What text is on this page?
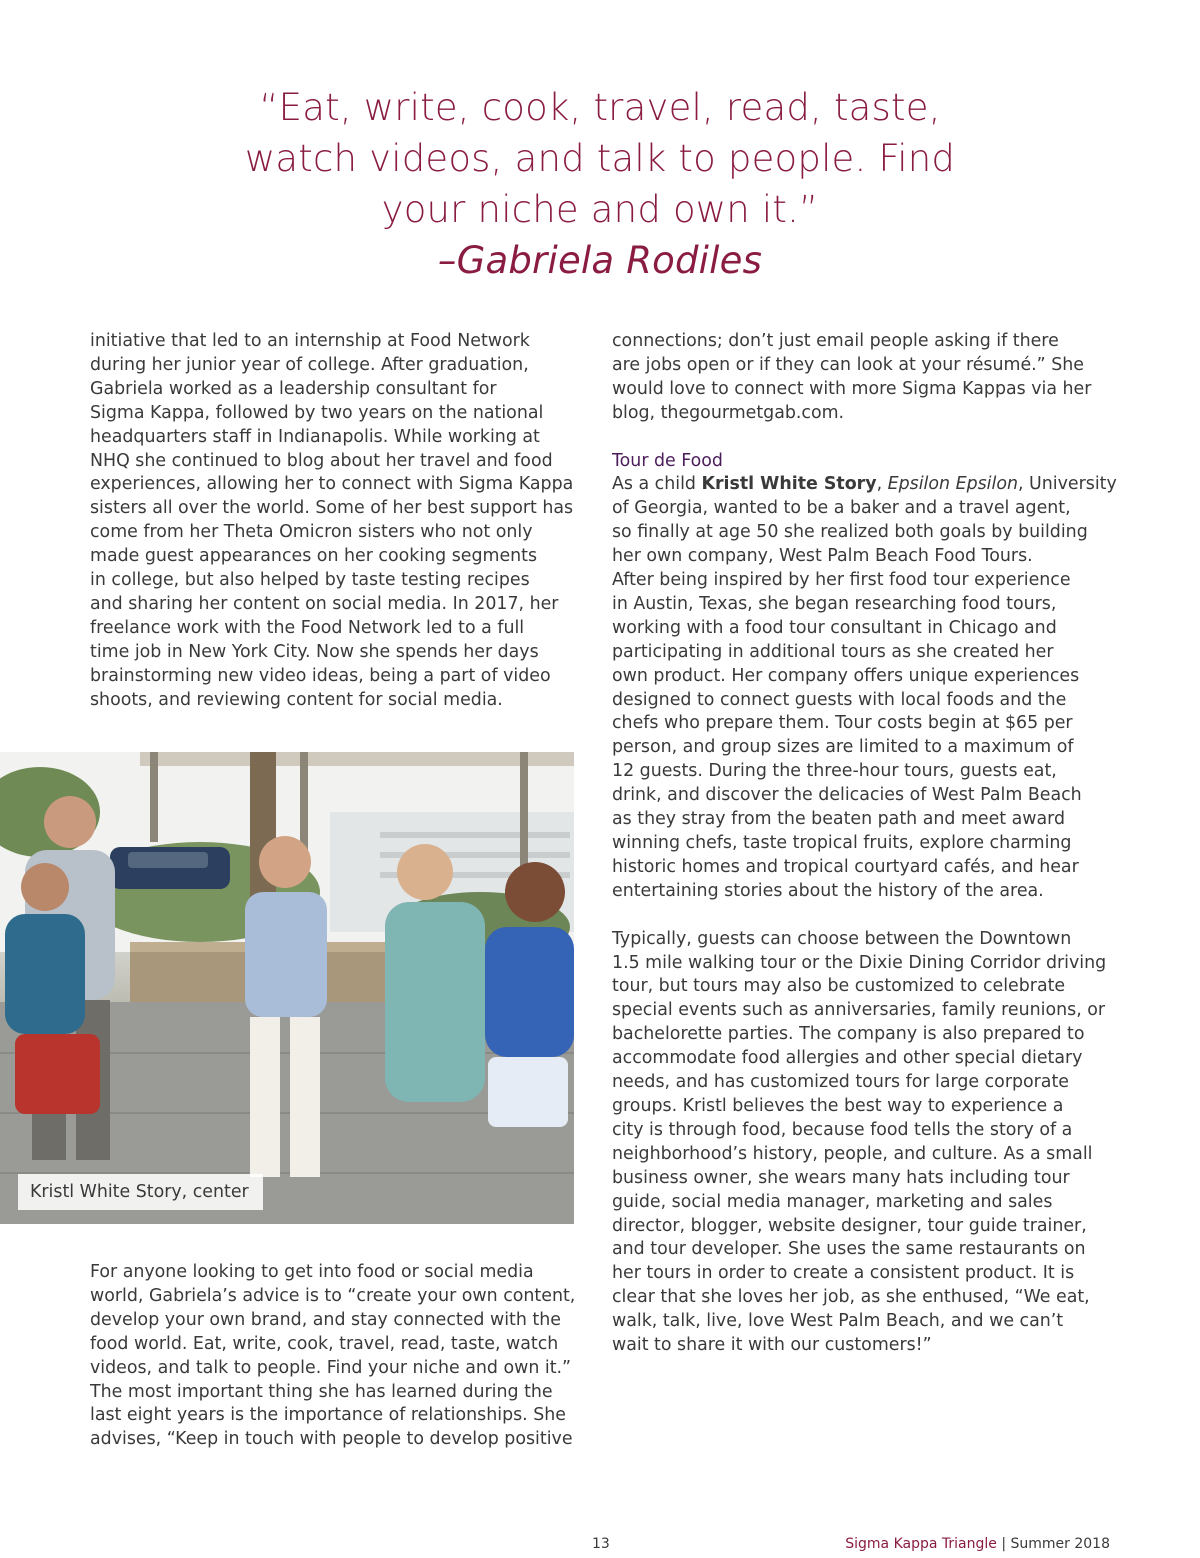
“Eat, write, cook, travel, read, taste,
watch videos, and talk to people. Find
your niche and own it.”
–Gabriela Rodiles
initiative that led to an internship at Food Network
during her junior year of college. After graduation,
Gabriela worked as a leadership consultant for
Sigma Kappa, followed by two years on the national
headquarters staff in Indianapolis. While working at
NHQ she continued to blog about her travel and food
experiences, allowing her to connect with Sigma Kappa
sisters all over the world. Some of her best support has
come from her Theta Omicron sisters who not only
made guest appearances on her cooking segments
in college, but also helped by taste testing recipes
and sharing her content on social media. In 2017, her
freelance work with the Food Network led to a full
time job in New York City. Now she spends her days
brainstorming new video ideas, being a part of video
shoots, and reviewing content for social media.
Kristl White Story, center
For anyone looking to get into food or social media
world, Gabriela’s advice is to “create your own content,
develop your own brand, and stay connected with the
food world. Eat, write, cook, travel, read, taste, watch
videos, and talk to people. Find your niche and own it.”
The most important thing she has learned during the
last eight years is the importance of relationships. She
advises, “Keep in touch with people to develop positive
connections; don’t just email people asking if there
are jobs open or if they can look at your résumé.” She
would love to connect with more Sigma Kappas via her
blog, thegourmetgab.com.
Tour de Food
As a child Kristl White Story, Epsilon Epsilon, University
of Georgia, wanted to be a baker and a travel agent,
so finally at age 50 she realized both goals by building
her own company, West Palm Beach Food Tours.
After being inspired by her first food tour experience
in Austin, Texas, she began researching food tours,
working with a food tour consultant in Chicago and
participating in additional tours as she created her
own product. Her company offers unique experiences
designed to connect guests with local foods and the
chefs who prepare them. Tour costs begin at $65 per
person, and group sizes are limited to a maximum of
12 guests. During the three-hour tours, guests eat,
drink, and discover the delicacies of West Palm Beach
as they stray from the beaten path and meet award
winning chefs, taste tropical fruits, explore charming
historic homes and tropical courtyard cafés, and hear
entertaining stories about the history of the area.
Typically, guests can choose between the Downtown
1.5 mile walking tour or the Dixie Dining Corridor driving
tour, but tours may also be customized to celebrate
special events such as anniversaries, family reunions, or
bachelorette parties. The company is also prepared to
accommodate food allergies and other special dietary
needs, and has customized tours for large corporate
groups. Kristl believes the best way to experience a
city is through food, because food tells the story of a
neighborhood’s history, people, and culture. As a small
business owner, she wears many hats including tour
guide, social media manager, marketing and sales
director, blogger, website designer, tour guide trainer,
and tour developer. She uses the same restaurants on
her tours in order to create a consistent product. It is
clear that she loves her job, as she enthused, “We eat,
walk, talk, live, love West Palm Beach, and we can’t
wait to share it with our customers!”
13	Sigma Kappa Triangle | Summer 2018
